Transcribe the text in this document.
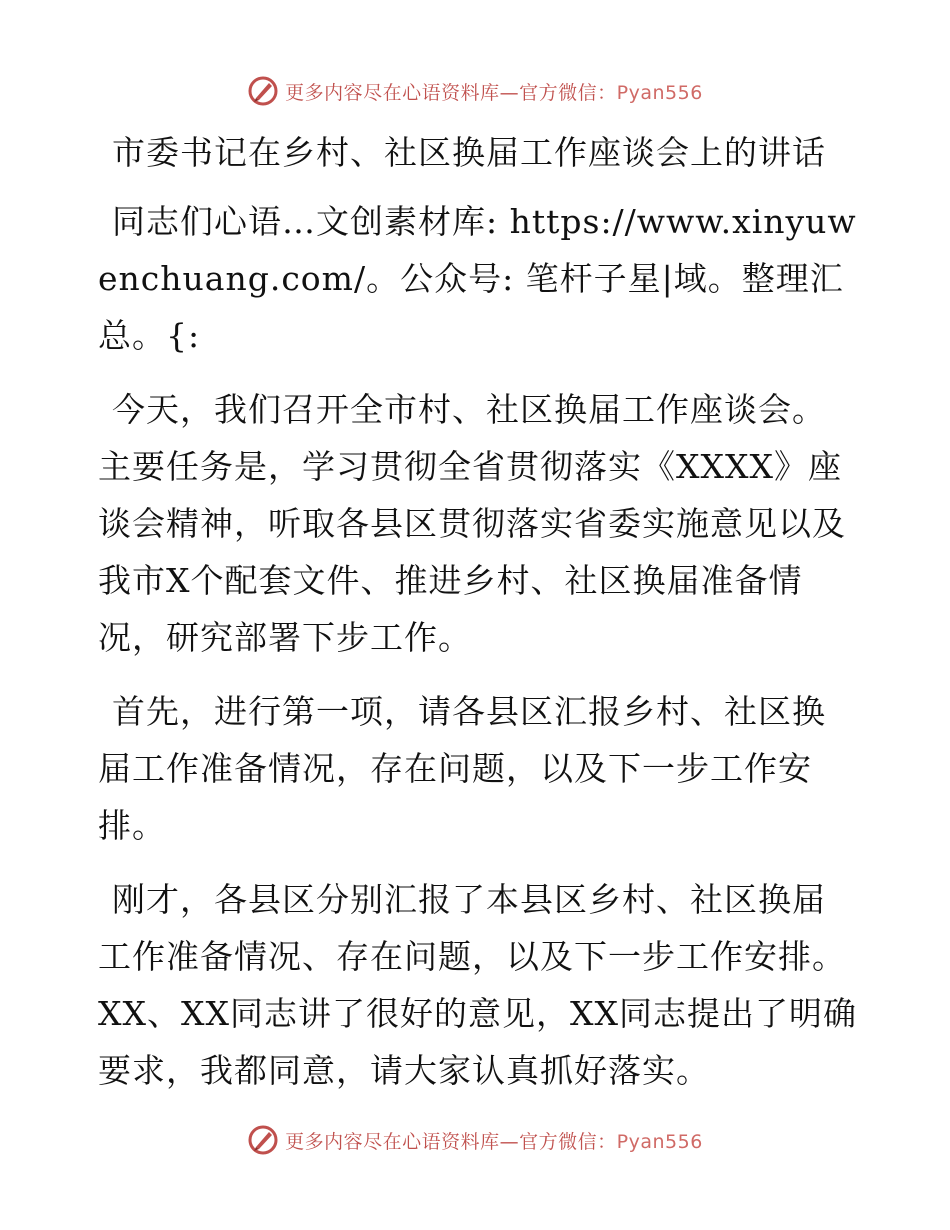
更多内容尽在心语资料库—官方微信：Pyan556
市委书记在乡村、社区换届工作座谈会上的讲话

同志们心语…文创素材库: https://www.xinyuwenchuang.com/。公众号: 笔杆子星|域。整理汇总。{:

今天，我们召开全市村、社区换届工作座谈会。主要任务是，学习贯彻全省贯彻落实《XXXX》座谈会精神，听取各县区贯彻落实省委实施意见以及我市X个配套文件、推进乡村、社区换届准备情况，研究部署下步工作。

首先，进行第一项，请各县区汇报乡村、社区换届工作准备情况，存在问题，以及下一步工作安排。

刚才，各县区分别汇报了本县区乡村、社区换届工作准备情况、存在问题，以及下一步工作安排。XX、XX同志讲了很好的意见，XX同志提出了明确要求，我都同意，请大家认真抓好落实。

更多内容尽在心语资料库—官方微信：Pyan556
